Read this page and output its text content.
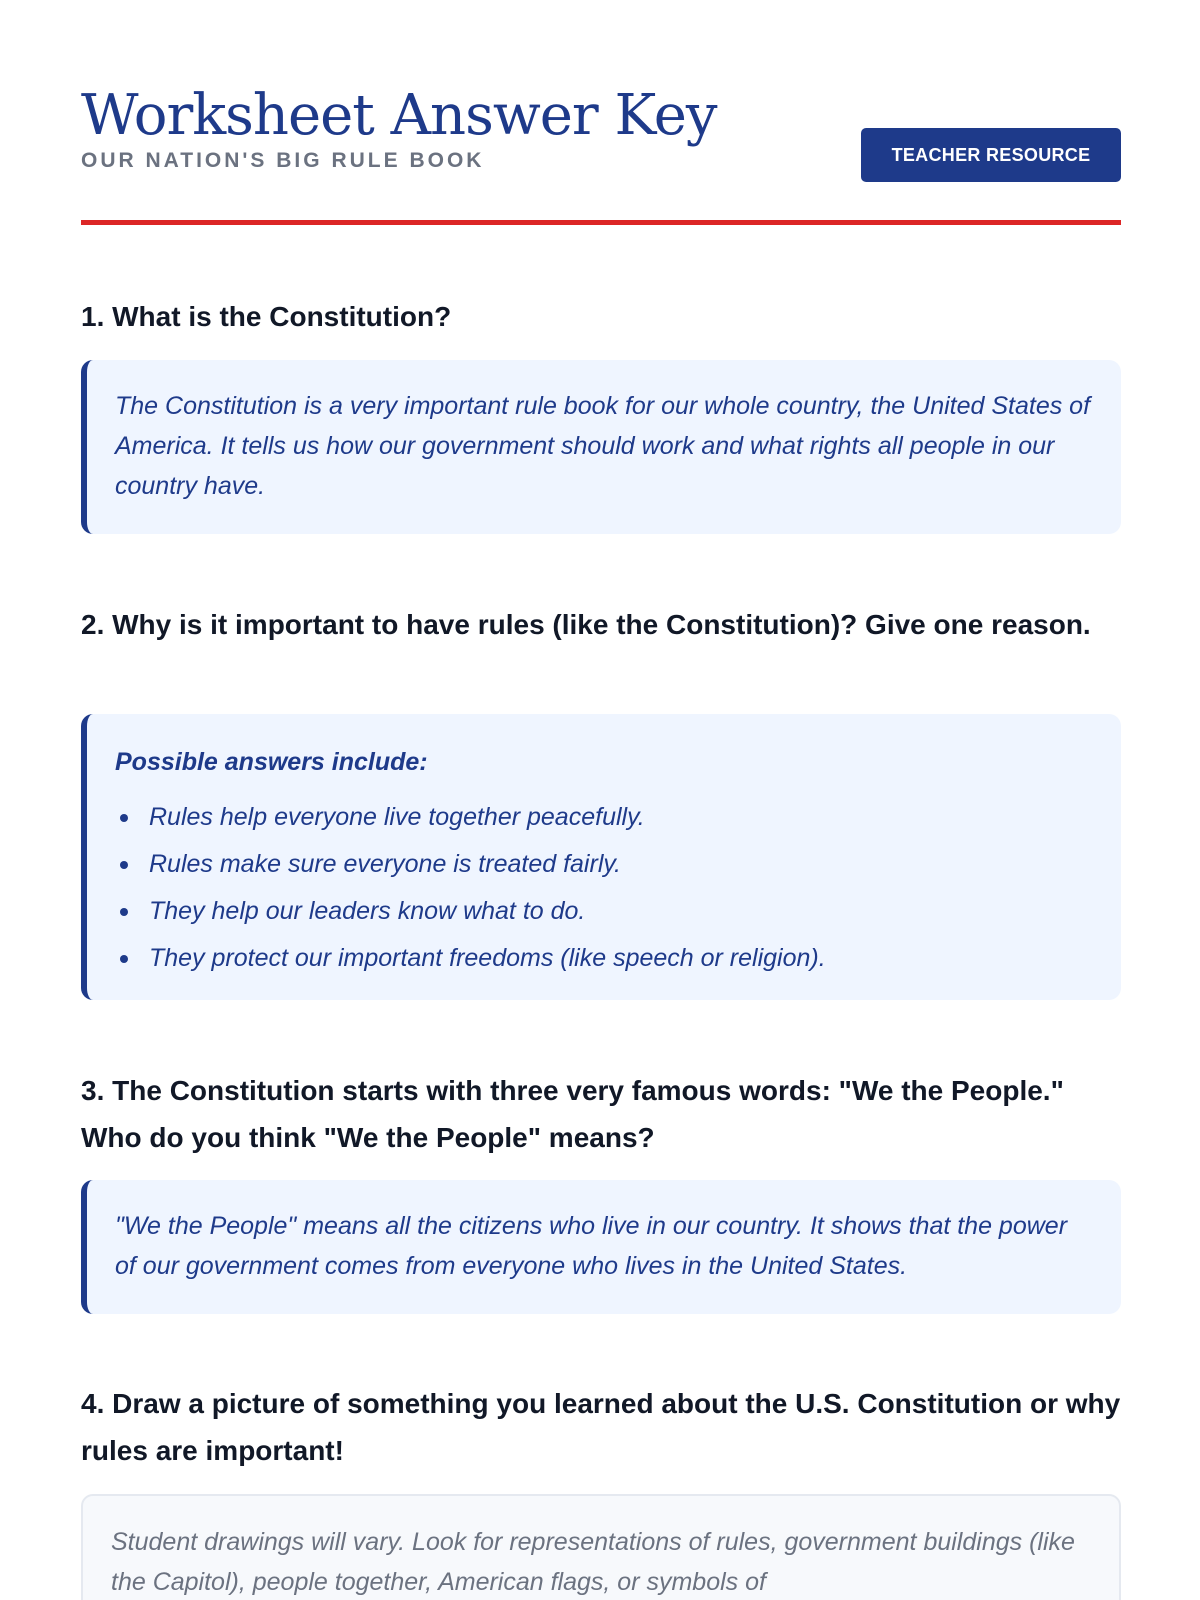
Worksheet Answer Key
OUR NATION'S BIG RULE BOOK	TEACHER RESOURCE
1. What is the Constitution?
The Constitution is a very important rule book for our whole country, the United States of America. It tells us how our government should work and what rights all people in our country have.
2. Why is it important to have rules (like the Constitution)? Give one reason.
Possible answers include:
Rules help everyone live together peacefully.
Rules make sure everyone is treated fairly.
They help our leaders know what to do.
They protect our important freedoms (like speech or religion).
3. The Constitution starts with three very famous words: "We the People." Who do you think "We the People" means?
"We the People" means all the citizens who live in our country. It shows that the power of our government comes from everyone who lives in the United States.
4. Draw a picture of something you learned about the U.S. Constitution or why rules are important!
Student drawings will vary. Look for representations of rules, government buildings (like the Capitol), people together, American flags, or symbols of
